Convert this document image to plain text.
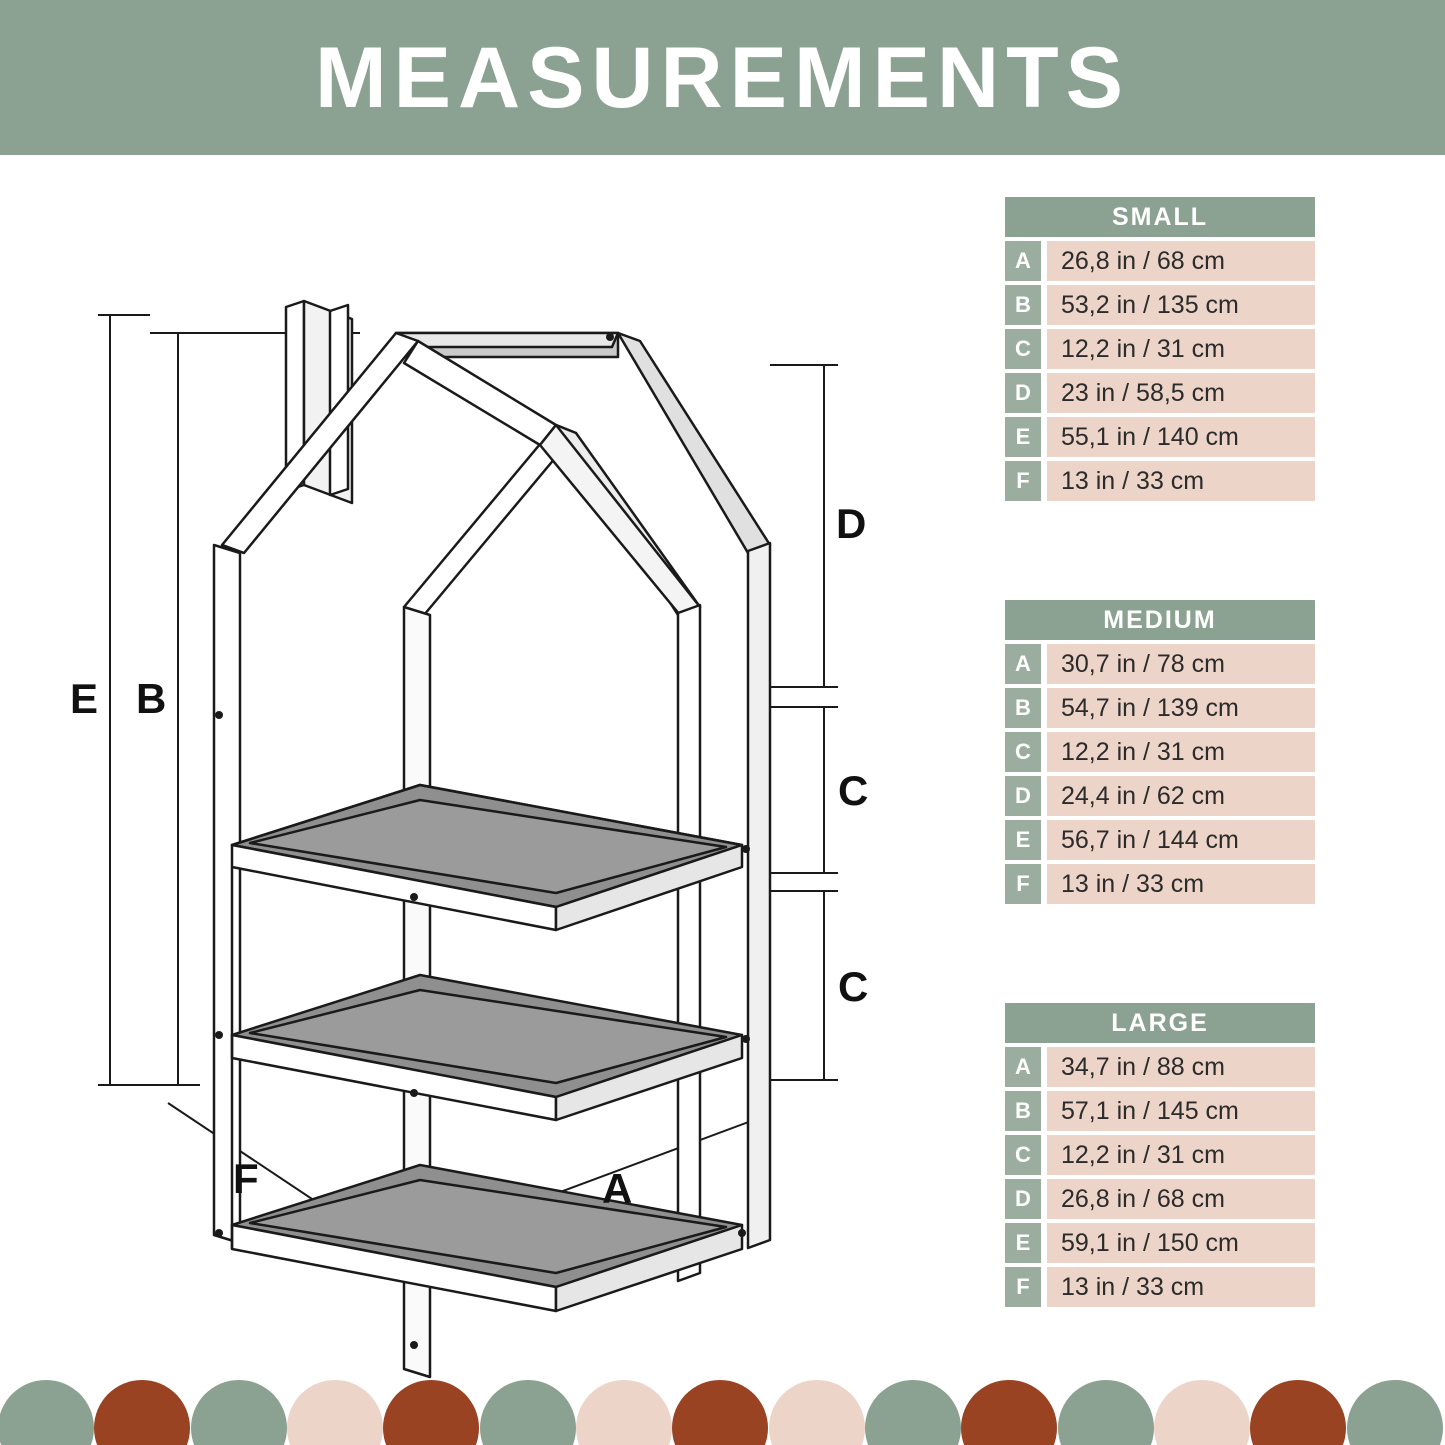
MEASUREMENTS
E B
D
C
C
F	A
SMALL
A	26,8 in / 68 cm
B	53,2 in / 135 cm
C	12,2 in / 31 cm
D	23 in / 58,5 cm
E	55,1 in / 140 cm
F	13 in / 33 cm
MEDIUM
A	30,7 in / 78 cm
B	54,7 in / 139 cm
C	12,2 in / 31 cm
D	24,4 in / 62 cm
E	56,7 in / 144 cm
F	13 in / 33 cm
LARGE
A	34,7 in / 88 cm
B	57,1 in / 145 cm
C	12,2 in / 31 cm
D	26,8 in / 68 cm
E	59,1 in / 150 cm
F	13 in / 33 cm
